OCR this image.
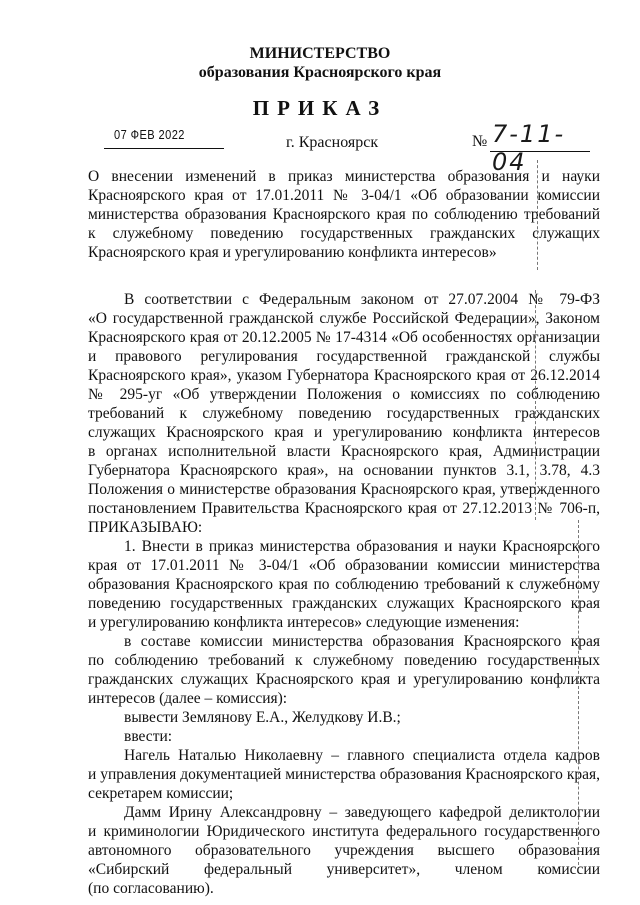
МИНИСТЕРСТВО
образования Красноярского края
ПРИКАЗ
07 ФЕВ 2022	г. Красноярск	№ 7-11-04
О внесении изменений в приказ министерства образования и науки
Красноярского края от 17.01.2011 № 3-04/1 «Об образовании комиссии
министерства образования Красноярского края по соблюдению требований
к служебному поведению государственных гражданских служащих
Красноярского края и урегулированию конфликта интересов»
В соответствии с Федеральным законом от 27.07.2004 № 79-ФЗ
«О государственной гражданской службе Российской Федерации», Законом
Красноярского края от 20.12.2005 № 17-4314 «Об особенностях организации
и правового регулирования государственной гражданской службы
Красноярского края», указом Губернатора Красноярского края от 26.12.2014
№ 295-уг «Об утверждении Положения о комиссиях по соблюдению
требований к служебному поведению государственных гражданских
служащих Красноярского края и урегулированию конфликта интересов
в органах исполнительной власти Красноярского края, Администрации
Губернатора Красноярского края», на основании пунктов 3.1, 3.78, 4.3
Положения о министерстве образования Красноярского края, утвержденного
постановлением Правительства Красноярского края от 27.12.2013 № 706-п,
ПРИКАЗЫВАЮ:
1. Внести в приказ министерства образования и науки Красноярского
края от 17.01.2011 № 3-04/1 «Об образовании комиссии министерства
образования Красноярского края по соблюдению требований к служебному
поведению государственных гражданских служащих Красноярского края
и урегулированию конфликта интересов» следующие изменения:
в составе комиссии министерства образования Красноярского края
по соблюдению требований к служебному поведению государственных
гражданских служащих Красноярского края и урегулированию конфликта
интересов (далее – комиссия):
вывести Землянову Е.А., Желудкову И.В.;
ввести:
Нагель Наталью Николаевну – главного специалиста отдела кадров
и управления документацией министерства образования Красноярского края,
секретарем комиссии;
Дамм Ирину Александровну – заведующего кафедрой деликтологии
и криминологии Юридического института федерального государственного
автономного образовательного учреждения высшего образования
«Сибирский федеральный университет», членом комиссии
(по согласованию).
